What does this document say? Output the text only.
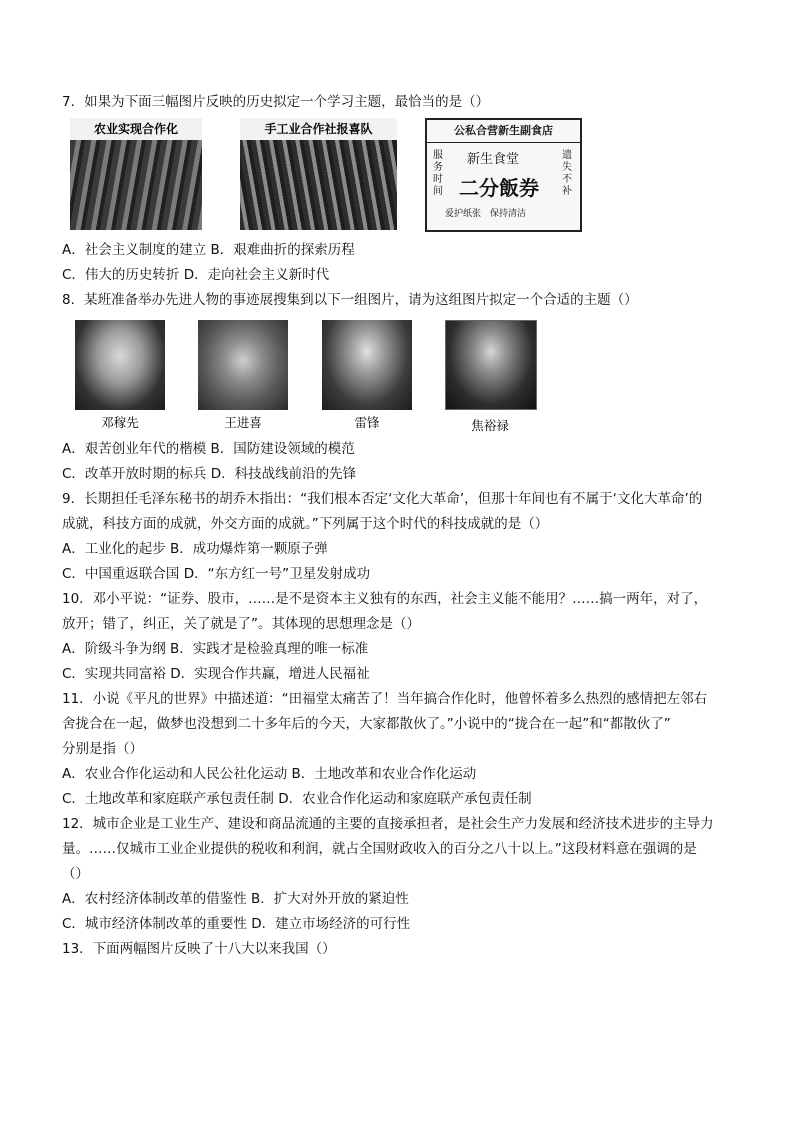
7．如果为下面三幅图片反映的历史拟定一个学习主题，最恰当的是（）
农业实现合作化	手工业合作社报喜队	公私合营新生副食店
服务时间
新生食堂
二分飯券
遗失不补
爱护纸张　保持清洁
A．社会主义制度的建立 B．艰难曲折的探索历程
C．伟大的历史转折 D．走向社会主义新时代
8．某班准备举办先进人物的事迹展搜集到以下一组图片，请为这组图片拟定一个合适的主题（）
邓稼先	王进喜	雷锋	焦裕禄
A．艰苦创业年代的楷模 B．国防建设领域的模范
C．改革开放时期的标兵 D．科技战线前沿的先锋
9．长期担任毛泽东秘书的胡乔木指出：“我们根本否定‘文化大革命’，但那十年间也有不属于‘文化大革命’的
成就，科技方面的成就，外交方面的成就。”下列属于这个时代的科技成就的是（）
A．工业化的起步 B．成功爆炸第一颗原子弹
C．中国重返联合国 D．“东方红一号”卫星发射成功
10．邓小平说：“证券、股市，……是不是资本主义独有的东西，社会主义能不能用？……搞一两年，对了，
放开；错了，纠正，关了就是了”。其体现的思想理念是（）
A．阶级斗争为纲 B．实践才是检验真理的唯一标准
C．实现共同富裕 D．实现合作共赢，增进人民福祉
11．小说《平凡的世界》中描述道：“田福堂太痛苦了！当年搞合作化时，他曾怀着多么热烈的感情把左邻右
舍拢合在一起，做梦也没想到二十多年后的今天，大家都散伙了。”小说中的“拢合在一起”和“都散伙了”
分别是指（）
A．农业合作化运动和人民公社化运动 B．土地改革和农业合作化运动
C．土地改革和家庭联产承包责任制 D．农业合作化运动和家庭联产承包责任制
12．城市企业是工业生产、建设和商品流通的主要的直接承担者，是社会生产力发展和经济技术进步的主导力
量。……仅城市工业企业提供的税收和利润，就占全国财政收入的百分之八十以上。”这段材料意在强调的是
（）
A．农村经济体制改革的借鉴性 B．扩大对外开放的紧迫性
C．城市经济体制改革的重要性 D．建立市场经济的可行性
13．下面两幅图片反映了十八大以来我国（）
